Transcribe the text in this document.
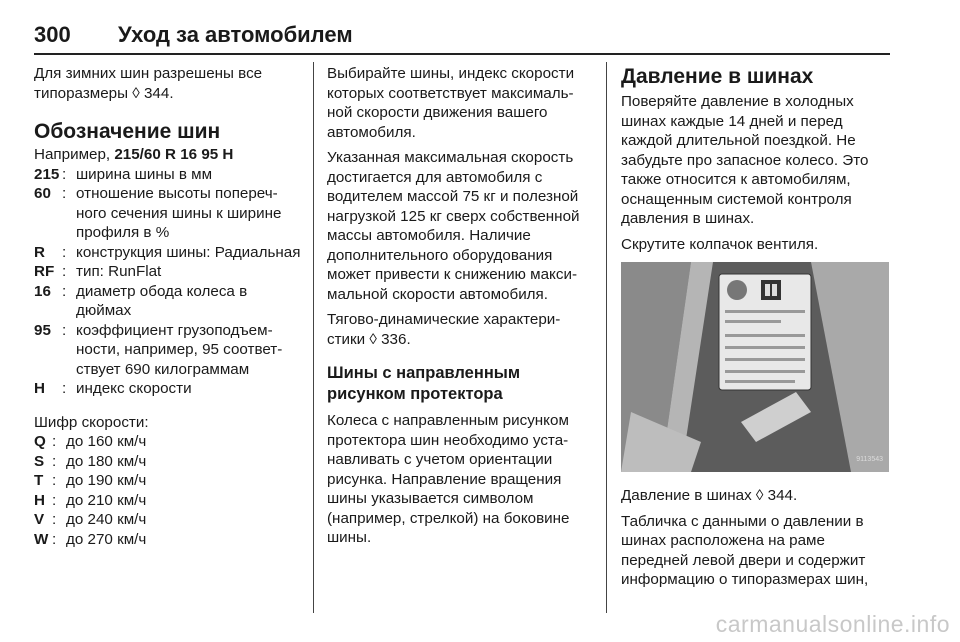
300 Уход за автомобилем

Для зимних шин разрешены все типоразмеры ◊ 344.

Обозначение шин

Например, 215/60 R 16 95 H

215 : ширина шины в мм
60 : отношение высоты поперечного сечения шины к ширине профиля в %
R	: конструкция шины: Радиальная
RF : тип: RunFlat
16 : диаметр обода колеса в дюймах
95 : коэффициент грузоподъемности, например, 95 соответствует 690 килограммам
H	: индекс скорости

Шифр скорости:

Q : до 160 км/ч
S : до 180 км/ч
T : до 190 км/ч
H : до 210 км/ч
V : до 240 км/ч
W : до 270 км/ч

Выбирайте шины, индекс скорости которых соответствует максимальной скорости движения вашего автомобиля.

Указанная максимальная скорость достигается для автомобиля с водителем массой 75 кг и полезной нагрузкой 125 кг сверх собственной массы автомобиля. Наличие дополнительного оборудования может привести к снижению максимальной скорости автомобиля.

Тягово-динамические характеристики ◊ 336.

Шины с направленным рисунком протектора

Колеса с направленным рисунком протектора шин необходимо устанавливать с учетом ориентации рисунка. Направление вращения шины указывается символом (например, стрелкой) на боковине шины.

Давление в шинах

Поверяйте давление в холодных шинах каждые 14 дней и перед каждой длительной поездкой. Не забудьте про запасное колесо. Это также относится к автомобилям, оснащенным системой контроля давления в шинах.

Скрутите колпачок вентиля.

9113543

Давление в шинах ◊ 344.

Табличка с данными о давлении в шинах расположена на раме передней левой двери и содержит информацию о типоразмерах шин,

carmanualsonline.info
